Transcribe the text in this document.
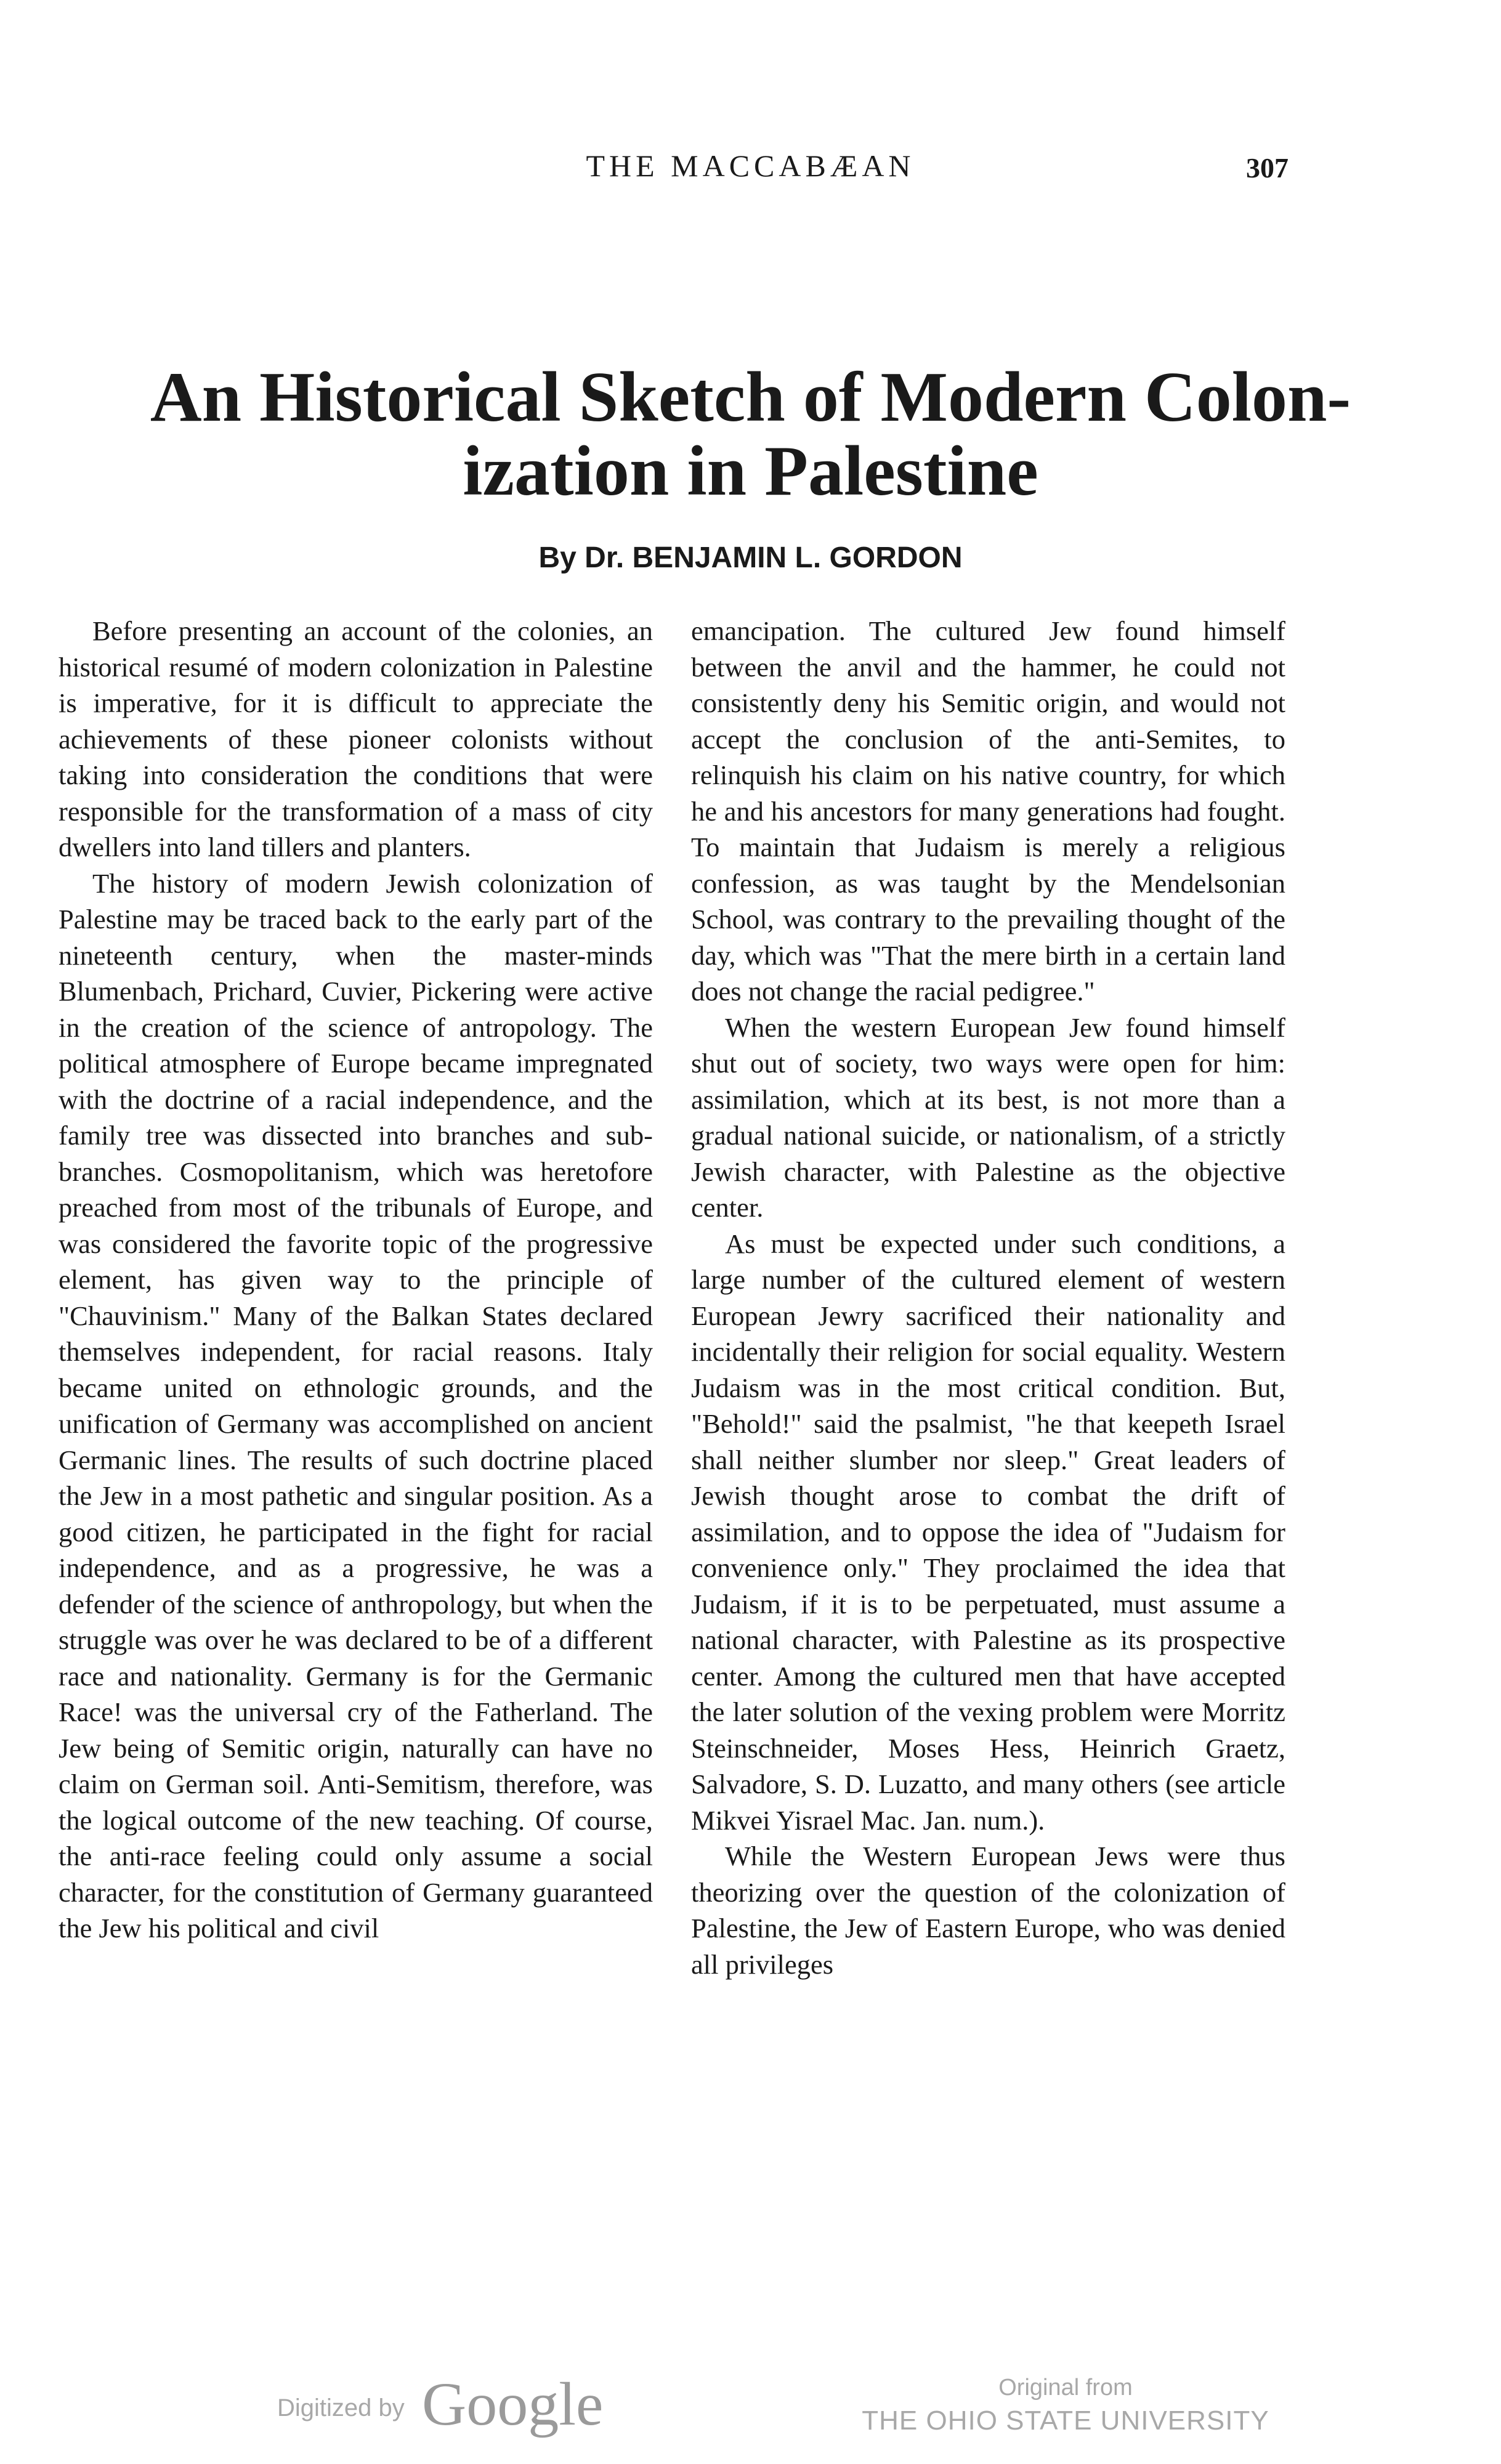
THE MACCABÆAN	307
An Historical Sketch of Modern Colon-
ization in Palestine
By Dr. BENJAMIN L. GORDON

Before presenting an account of the colonies, an historical resumé of modern colonization in Palestine is imperative, for it is difficult to appreciate the achievements of these pioneer colonists without taking into consideration the conditions that were responsible for the transformation of a mass of city dwellers into land tillers and planters.

The history of modern Jewish colonization of Palestine may be traced back to the early part of the nineteenth century, when the master-minds Blumenbach, Prichard, Cuvier, Pickering were active in the creation of the science of antropology. The political atmosphere of Europe became impregnated with the doctrine of a racial independence, and the family tree was dissected into branches and sub-branches. Cosmopolitanism, which was heretofore preached from most of the tribunals of Europe, and was considered the favorite topic of the progressive element, has given way to the principle of "Chauvinism." Many of the Balkan States declared themselves independent, for racial reasons. Italy became united on ethnologic grounds, and the unification of Germany was accomplished on ancient Germanic lines. The results of such doctrine placed the Jew in a most pathetic and singular position. As a good citizen, he participated in the fight for racial independence, and as a progressive, he was a defender of the science of anthropology, but when the struggle was over he was declared to be of a different race and nationality. Germany is for the Germanic Race! was the universal cry of the Fatherland. The Jew being of Semitic origin, naturally can have no claim on German soil. Anti-Semitism, therefore, was the logical outcome of the new teaching. Of course, the anti-race feeling could only assume a social character, for the constitution of Germany guaranteed the Jew his political and civil

emancipation. The cultured Jew found himself between the anvil and the hammer, he could not consistently deny his Semitic origin, and would not accept the conclusion of the anti-Semites, to relinquish his claim on his native country, for which he and his ancestors for many generations had fought. To maintain that Judaism is merely a religious confession, as was taught by the Mendelsonian School, was contrary to the prevailing thought of the day, which was "That the mere birth in a certain land does not change the racial pedigree."

When the western European Jew found himself shut out of society, two ways were open for him: assimilation, which at its best, is not more than a gradual national suicide, or nationalism, of a strictly Jewish character, with Palestine as the objective center.

As must be expected under such conditions, a large number of the cultured element of western European Jewry sacrificed their nationality and incidentally their religion for social equality. Western Judaism was in the most critical condition. But, "Behold!" said the psalmist, "he that keepeth Israel shall neither slumber nor sleep." Great leaders of Jewish thought arose to combat the drift of assimilation, and to oppose the idea of "Judaism for convenience only." They proclaimed the idea that Judaism, if it is to be perpetuated, must assume a national character, with Palestine as its prospective center. Among the cultured men that have accepted the later solution of the vexing problem were Morritz Steinschneider, Moses Hess, Heinrich Graetz, Salvadore, S. D. Luzatto, and many others (see article Mikvei Yisrael Mac. Jan. num.).

While the Western European Jews were thus theorizing over the question of the colonization of Palestine, the Jew of Eastern Europe, who was denied all privileges

Digitized by Google	Original from
THE OHIO STATE UNIVERSITY
